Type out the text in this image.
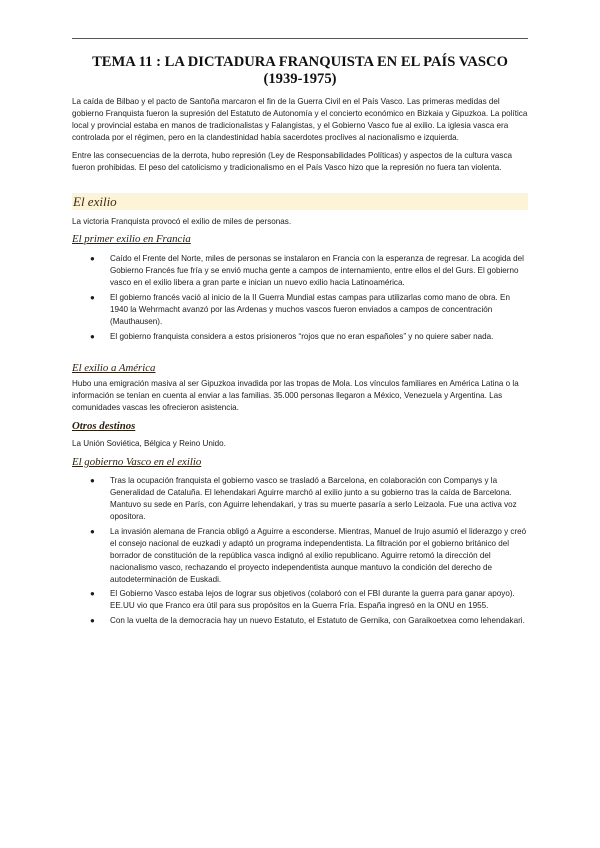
TEMA 11 : LA DICTADURA FRANQUISTA EN EL PAÍS VASCO
(1939-1975)

La caída de Bilbao y el pacto de Santoña marcaron el fin de la Guerra Civil en el País Vasco. Las primeras medidas del gobierno Franquista fueron la supresión del Estatuto de Autonomía y el concierto económico en Bizkaia y Gipuzkoa. La política local y provincial estaba en manos de tradicionalistas y Falangistas, y el Gobierno Vasco fue al exilio. La iglesia vasca era controlada por el régimen, pero en la clandestinidad había sacerdotes proclives al nacionalismo e izquierda.

Entre las consecuencias de la derrota, hubo represión (Ley de Responsabilidades Políticas) y aspectos de la cultura vasca fueron prohibidas. El peso del catolicismo y tradicionalismo en el País Vasco hizo que la represión no fuera tan violenta.

El exilio

La victoria Franquista provocó el exilio de miles de personas.

El primer exilio en Francia
● Caído el Frente del Norte, miles de personas se instalaron en Francia con la esperanza de regresar. La acogida del Gobierno Francés fue fría y se envió mucha gente a campos de internamiento, entre ellos el del Gurs. El gobierno vasco en el exilio libera a gran parte e inician un nuevo exilio hacia Latinoamérica.
● El gobierno francés vació al inicio de la II Guerra Mundial estas campas para utilizarlas como mano de obra. En 1940 la Wehrmacht avanzó por las Ardenas y muchos vascos fueron enviados a campos de concentración (Mauthausen).
● El gobierno franquista considera a estos prisioneros “rojos que no eran españoles” y no quiere saber nada.
El exilio a América

Hubo una emigración masiva al ser Gipuzkoa invadida por las tropas de Mola. Los vínculos familiares en América Latina o la información se tenían en cuenta al enviar a las familias. 35.000 personas llegaron a México, Venezuela y Argentina. Las comunidades vascas les ofrecieron asistencia.

Otros destinos

La Unión Soviética, Bélgica y Reino Unido.

El gobierno Vasco en el exilio
● Tras la ocupación franquista el gobierno vasco se trasladó a Barcelona, en colaboración con Companys y la Generalidad de Cataluña. El lehendakari Aguirre marchó al exilio junto a su gobierno tras la caída de Barcelona. Mantuvo su sede en París, con Aguirre lehendakari, y tras su muerte pasaría a serlo Leizaola. Fue una activa voz opositora.
● La invasión alemana de Francia obligó a Aguirre a esconderse. Mientras, Manuel de Irujo asumió el liderazgo y creó el consejo nacional de euzkadi y adaptó un programa independentista. La filtración por el gobierno británico del borrador de constitución de la república vasca indignó al exilio republicano. Aguirre retomó la dirección del nacionalismo vasco, rechazando el proyecto independentista aunque mantuvo la condición del derecho de autodeterminación de Euskadi.
● El Gobierno Vasco estaba lejos de lograr sus objetivos (colaboró con el FBI durante la guerra para ganar apoyo). EE.UU vio que Franco era útil para sus propósitos en la Guerra Fría. España ingresó en la ONU en 1955.
● Con la vuelta de la democracia hay un nuevo Estatuto, el Estatuto de Gernika, con Garaikoetxea como lehendakari.
